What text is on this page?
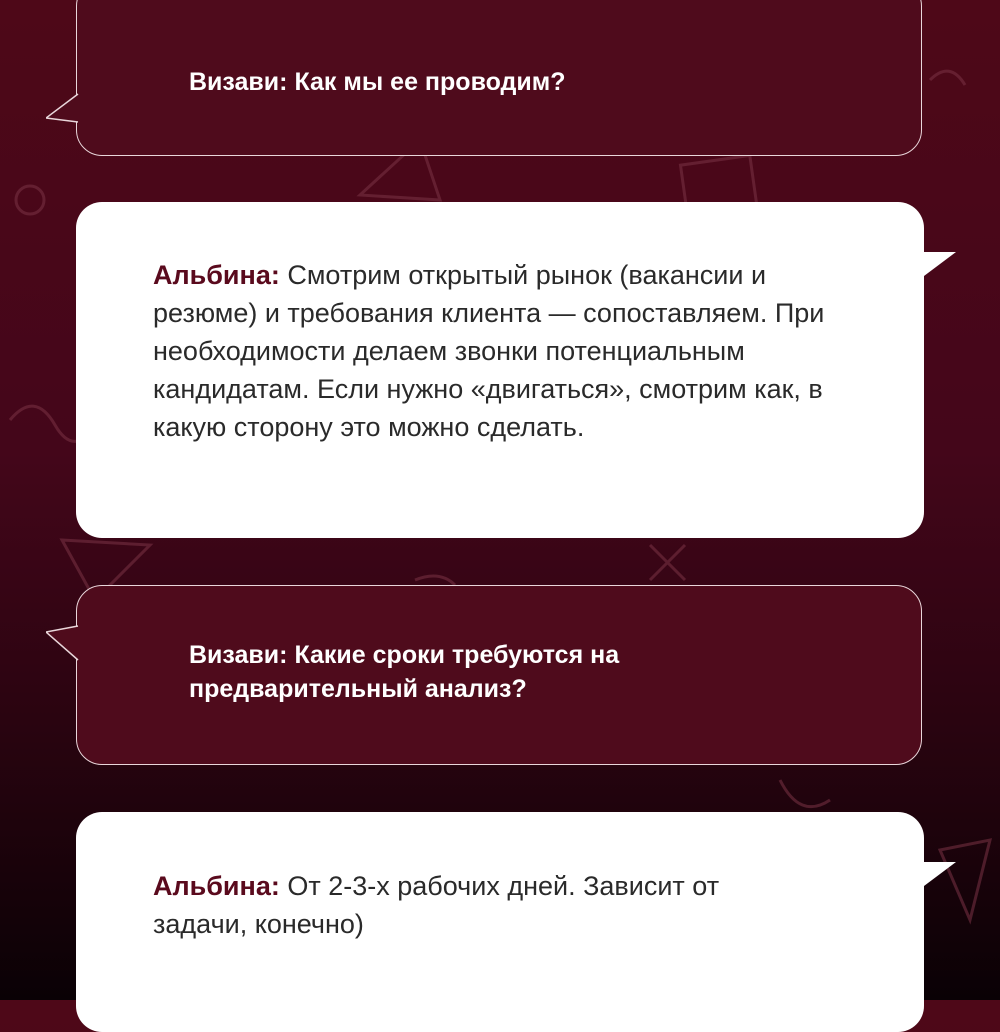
Визави: Как мы ее проводим?
Альбина: Смотрим открытый рынок (вакансии и резюме) и требования клиента — сопоставляем. При необходимости делаем звонки потенциальным кандидатам. Если нужно «двигаться», смотрим как, в какую сторону это можно сделать.
Визави: Какие сроки требуются на предварительный анализ?
Альбина: От 2-3-х рабочих дней. Зависит от задачи, конечно)
